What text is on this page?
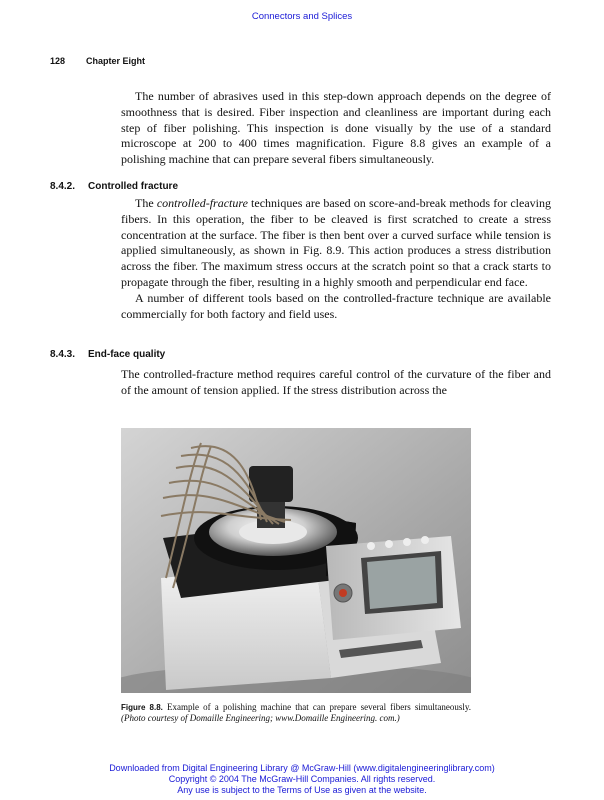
Connectors and Splices
128 Chapter Eight

The number of abrasives used in this step-down approach depends on the degree of smoothness that is desired. Fiber inspection and cleanliness are important during each step of fiber polishing. This inspection is done visually by the use of a standard microscope at 200 to 400 times magnification. Figure 8.8 gives an example of a polishing machine that can prepare several fibers simultaneously.

8.4.2. Controlled fracture

The controlled-fracture techniques are based on score-and-break methods for cleaving fibers. In this operation, the fiber to be cleaved is first scratched to create a stress concentration at the surface. The fiber is then bent over a curved surface while tension is applied simultaneously, as shown in Fig. 8.9. This action produces a stress distribution across the fiber. The maximum stress occurs at the scratch point so that a crack starts to propagate through the fiber, resulting in a highly smooth and perpendicular end face.

A number of different tools based on the controlled-fracture technique are available commercially for both factory and field uses.

8.4.3. End-face quality

The controlled-fracture method requires careful control of the curvature of the fiber and of the amount of tension applied. If the stress distribution across the

Figure 8.8. Example of a polishing machine that can prepare several fibers simultaneously. (Photo courtesy of Domaille Engineering; www.Domaille Engineering. com.)
Downloaded from Digital Engineering Library @ McGraw-Hill (www.digitalengineeringlibrary.com)
Copyright © 2004 The McGraw-Hill Companies. All rights reserved.
Any use is subject to the Terms of Use as given at the website.
